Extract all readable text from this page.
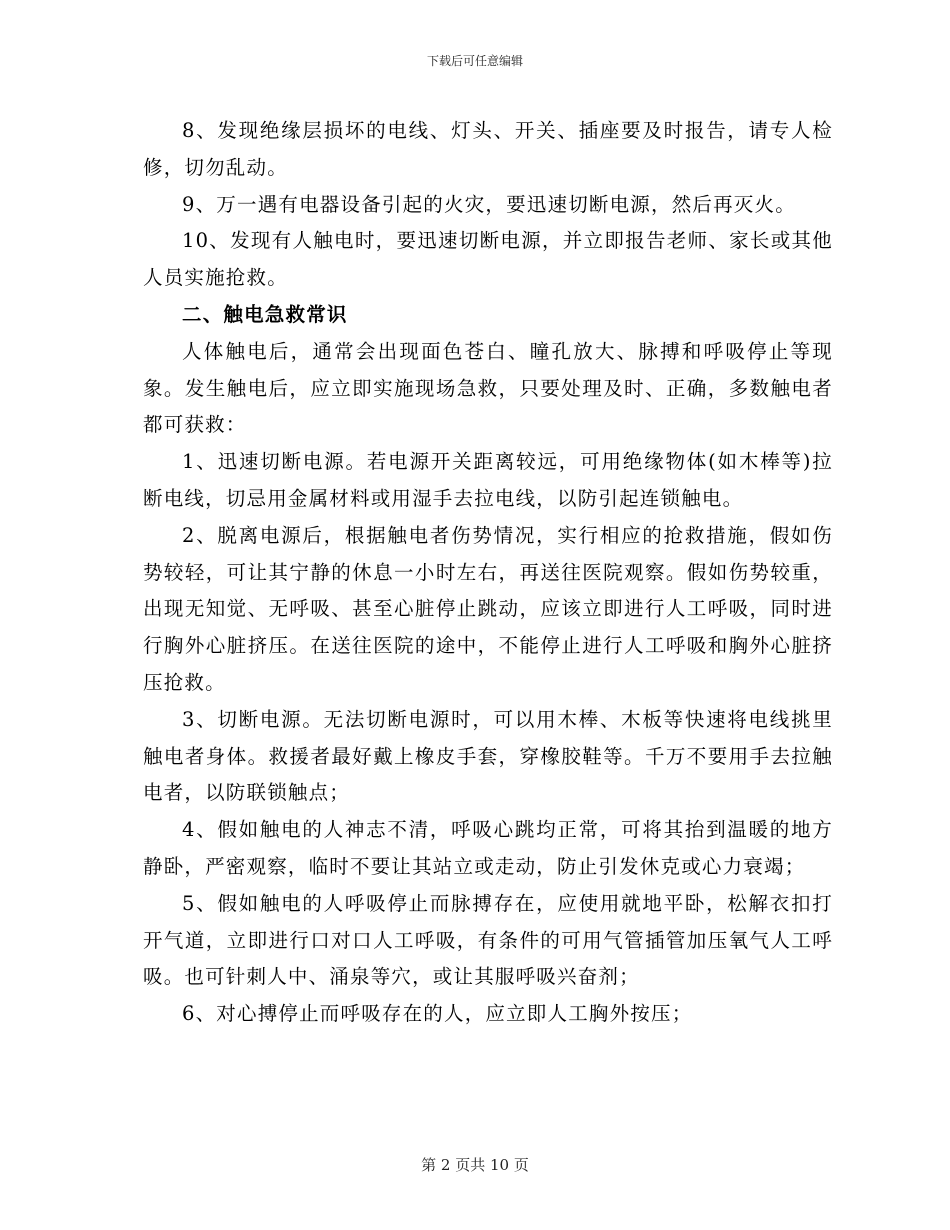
下载后可任意编辑

8、发现绝缘层损坏的电线、灯头、开关、插座要及时报告，请专人检修，切勿乱动。

9、万一遇有电器设备引起的火灾，要迅速切断电源，然后再灭火。

10、发现有人触电时，要迅速切断电源，并立即报告老师、家长或其他人员实施抢救。

二、触电急救常识

人体触电后，通常会出现面色苍白、瞳孔放大、脉搏和呼吸停止等现象。发生触电后，应立即实施现场急救，只要处理及时、正确，多数触电者都可获救：

1、迅速切断电源。若电源开关距离较远，可用绝缘物体(如木棒等)拉断电线，切忌用金属材料或用湿手去拉电线，以防引起连锁触电。

2、脱离电源后，根据触电者伤势情况，实行相应的抢救措施，假如伤势较轻，可让其宁静的休息一小时左右，再送往医院观察。假如伤势较重，出现无知觉、无呼吸、甚至心脏停止跳动，应该立即进行人工呼吸，同时进行胸外心脏挤压。在送往医院的途中，不能停止进行人工呼吸和胸外心脏挤压抢救。

3、切断电源。无法切断电源时，可以用木棒、木板等快速将电线挑里触电者身体。救援者最好戴上橡皮手套，穿橡胶鞋等。千万不要用手去拉触电者，以防联锁触点；

4、假如触电的人神志不清，呼吸心跳均正常，可将其抬到温暖的地方静卧，严密观察，临时不要让其站立或走动，防止引发休克或心力衰竭；

5、假如触电的人呼吸停止而脉搏存在，应使用就地平卧，松解衣扣打开气道，立即进行口对口人工呼吸，有条件的可用气管插管加压氧气人工呼吸。也可针刺人中、涌泉等穴，或让其服呼吸兴奋剂；

6、对心搏停止而呼吸存在的人，应立即人工胸外按压；

第 2 页共 10 页
